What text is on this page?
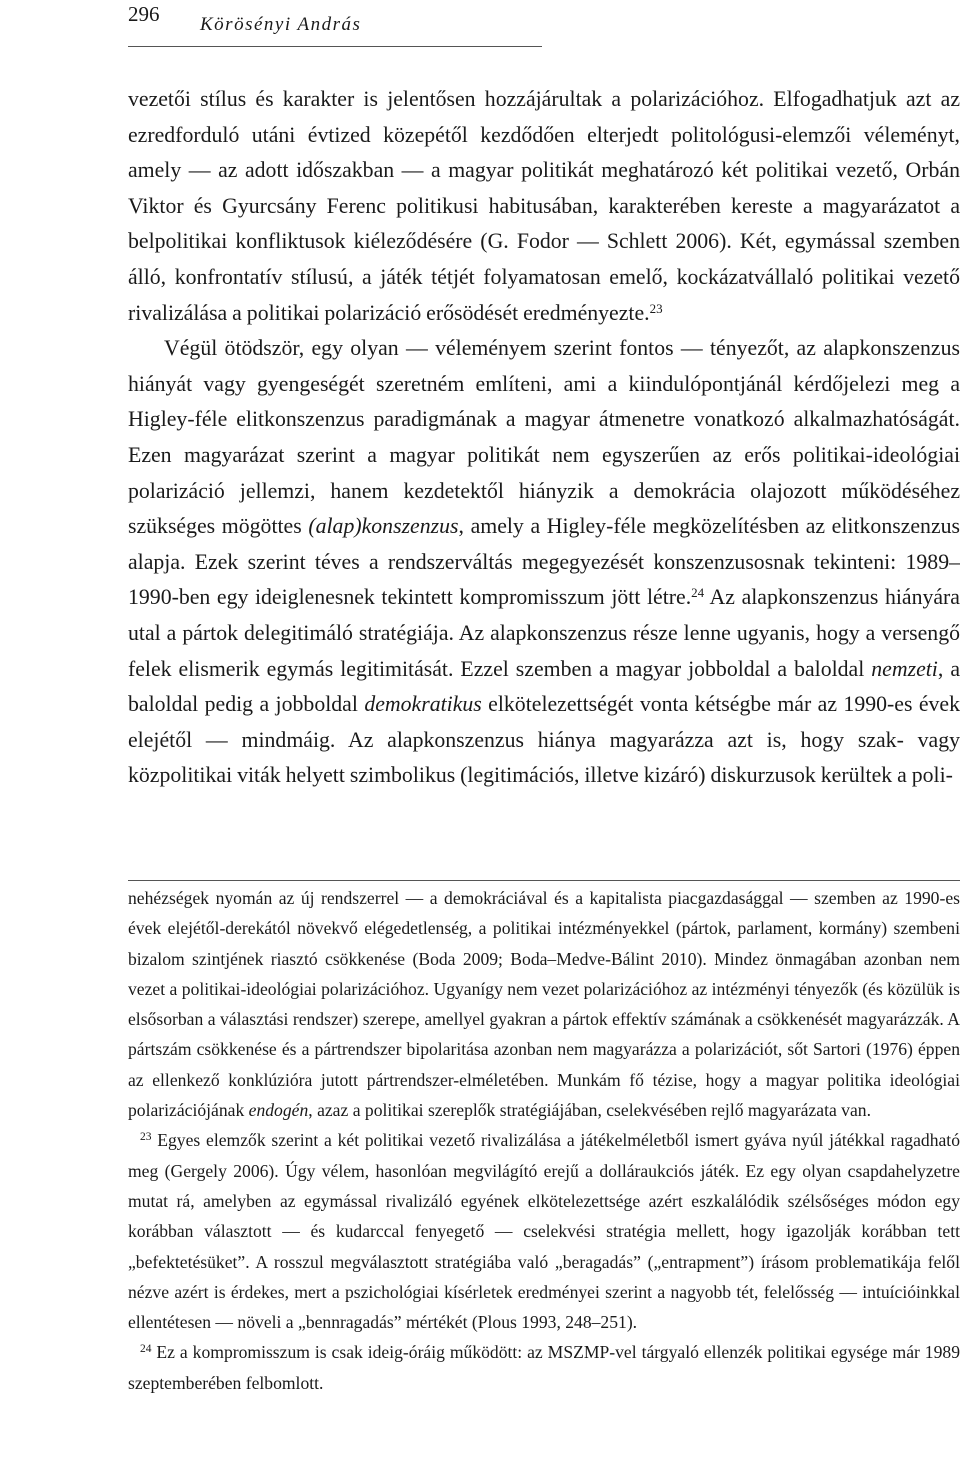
296 Körösényi András

vezetői stílus és karakter is jelentősen hozzájárultak a polarizációhoz. Elfogadhatjuk azt az ezredforduló utáni évtized közepétől kezdődően elterjedt politológusi-elemzői véleményt, amely — az adott időszakban — a magyar politikát meghatározó két politikai vezető, Orbán Viktor és Gyurcsány Ferenc politikusi habitusában, karakterében kereste a magyarázatot a belpolitikai konfliktusok kiéleződésére (G. Fodor — Schlett 2006). Két, egymással szemben álló, konfrontatív stílusú, a játék tétjét folyamatosan emelő, kockázatvállaló politikai vezető rivalizálása a politikai polarizáció erősödését eredményezte.$^{23}$

Végül ötödször, egy olyan — véleményem szerint fontos — tényezőt, az alapkonszenzus hiányát vagy gyengeségét szeretném említeni, ami a kiindulópontjánál kérdőjelezi meg a Higley-féle elitkonszenzus paradigmának a magyar átmenetre vonatkozó alkalmazhatóságát. Ezen magyarázat szerint a magyar politikát nem egyszerűen az erős politikai-ideológiai polarizáció jellemzi, hanem kezdetektől hiányzik a demokrácia olajozott működéséhez szükséges mögöttes (alap)konszenzus, amely a Higley-féle megközelítésben az elitkonszenzus alapja. Ezek szerint téves a rendszerváltás megegyezését konszenzusosnak tekinteni: 1989–1990-ben egy ideiglenesnek tekintett kompromisszum jött létre.$^{24}$ Az alapkonszenzus hiányára utal a pártok delegitimáló stratégiája. Az alapkonszenzus része lenne ugyanis, hogy a versengő felek elismerik egymás legitimitását. Ezzel szemben a magyar jobboldal a baloldal nemzeti, a baloldal pedig a jobboldal demokratikus elkötelezettségét vonta kétségbe már az 1990-es évek elejétől — mindmáig. Az alapkonszenzus hiánya magyarázza azt is, hogy szak- vagy közpolitikai viták helyett szimbolikus (legitimációs, illetve kizáró) diskurzusok kerültek a poli-

nehézségek nyomán az új rendszerrel — a demokráciával és a kapitalista piacgazdasággal — szemben az 1990-es évek elejétől-derekától növekvő elégedetlenség, a politikai intézményekkel (pártok, parlament, kormány) szembeni bizalom szintjének riasztó csökkenése (Boda 2009; Boda–Medve-Bálint 2010). Mindez önmagában azonban nem vezet a politikai-ideológiai polarizációhoz. Ugyanígy nem vezet polarizációhoz az intézményi tényezők (és közülük is elsősorban a választási rendszer) szerepe, amellyel gyakran a pártok effektív számának a csökkenését magyarázzák. A pártszám csökkenése és a pártrendszer bipolaritása azonban nem magyarázza a polarizációt, sőt Sartori (1976) éppen az ellenkező konklúzióra jutott pártrendszer-elméletében. Munkám fő tézise, hogy a magyar politika ideológiai polarizációjának endogén, azaz a politikai szereplők stratégiájában, cselekvésében rejlő magyarázata van.

$^{23}$ Egyes elemzők szerint a két politikai vezető rivalizálása a játékelméletből ismert gyáva nyúl játékkal ragadható meg (Gergely 2006). Úgy vélem, hasonlóan megvilágító erejű a dolláraukciós játék. Ez egy olyan csapdahelyzetre mutat rá, amelyben az egymással rivalizáló egyének elkötelezettsége azért eszkalálódik szélsőséges módon egy korábban választott — és kudarccal fenyegető — cselekvési stratégia mellett, hogy igazolják korábban tett „befektetésüket”. A rosszul megválasztott stratégiába való „beragadás” („entrapment”) írásom problematikája felől nézve azért is érdekes, mert a pszichológiai kísérletek eredményei szerint a nagyobb tét, felelősség — intuícióinkkal ellentétesen — növeli a „bennragadás” mértékét (Plous 1993, 248–251).

$^{24}$ Ez a kompromisszum is csak ideig-óráig működött: az MSZMP-vel tárgyaló ellenzék politikai egysége már 1989 szeptemberében felbomlott.
